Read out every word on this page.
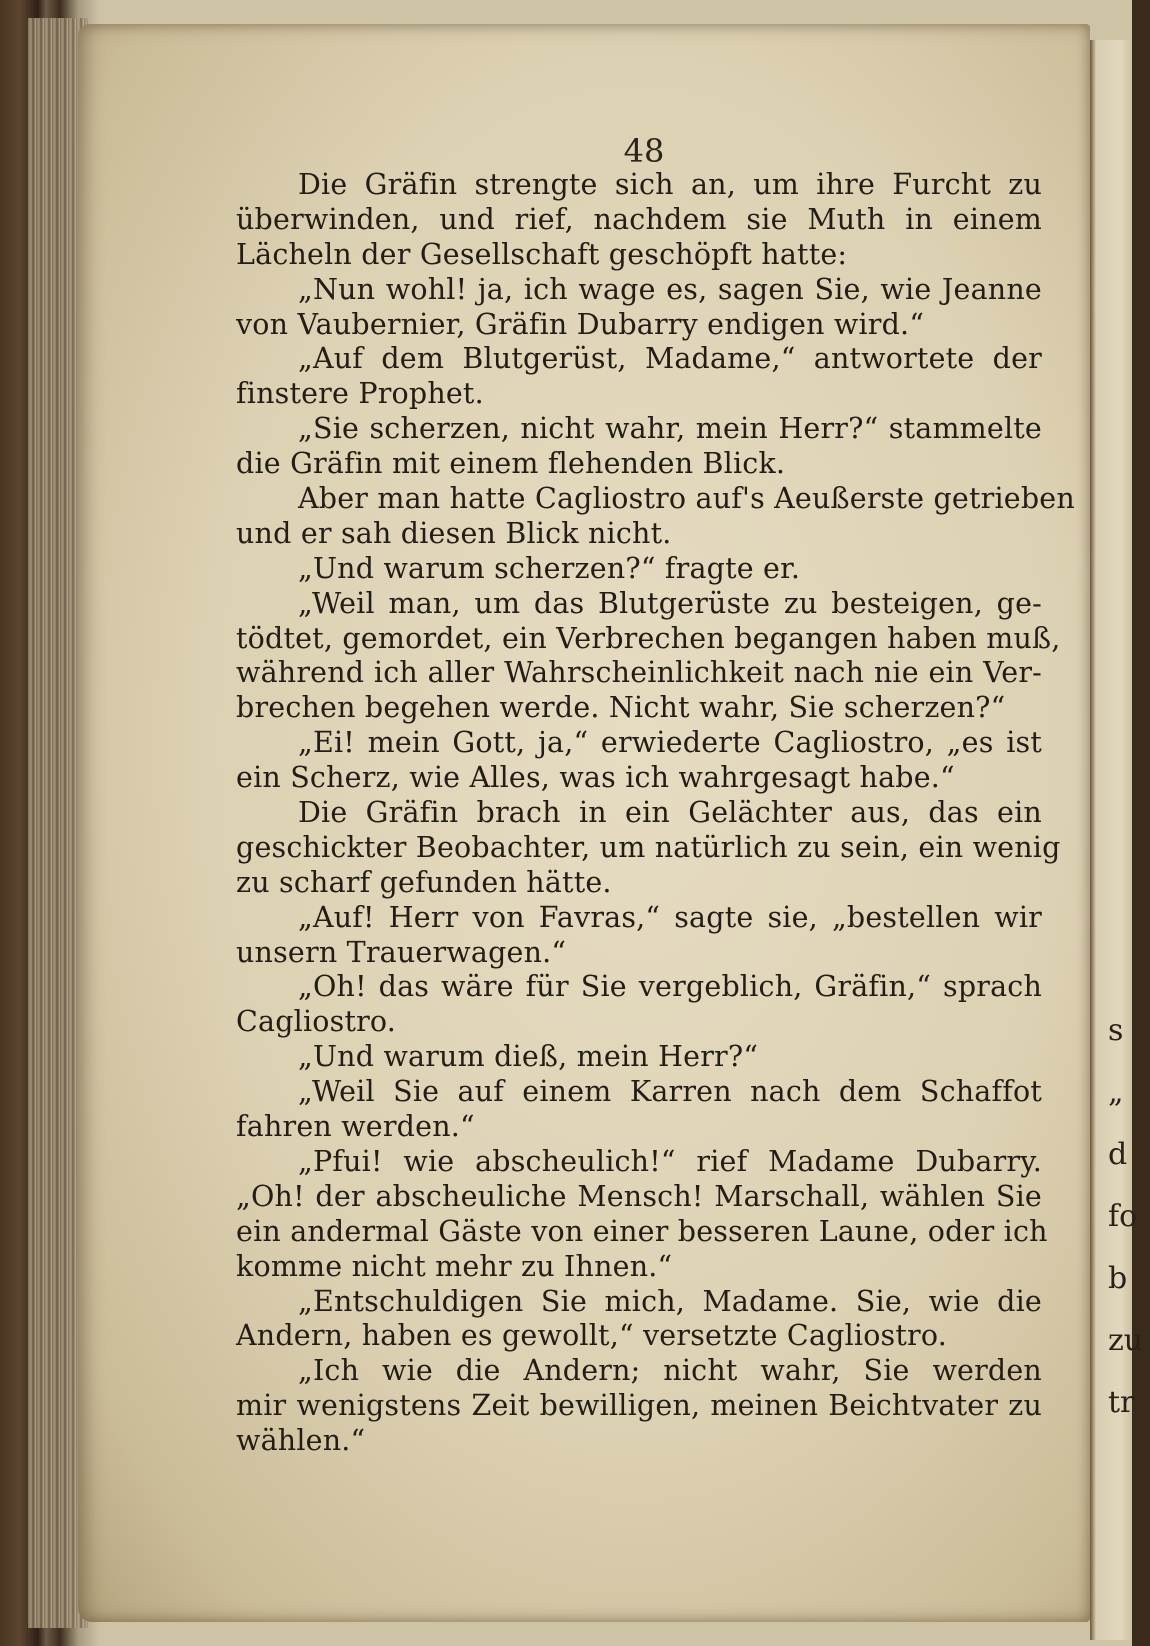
s
„
d
fo
b
zu
tr
48
Die Gräfin strengte sich an, um ihre Furcht zu
überwinden, und rief, nachdem sie Muth in einem
Lächeln der Gesellschaft geschöpft hatte:
„Nun wohl! ja, ich wage es, sagen Sie, wie Jeanne
von Vaubernier, Gräfin Dubarry endigen wird.“
„Auf dem Blutgerüst, Madame,“ antwortete der
finstere Prophet.
„Sie scherzen, nicht wahr, mein Herr?“ stammelte
die Gräfin mit einem flehenden Blick.
Aber man hatte Cagliostro auf's Aeußerste getrieben
und er sah diesen Blick nicht.
„Und warum scherzen?“ fragte er.
„Weil man, um das Blutgerüste zu besteigen, ge-
tödtet, gemordet, ein Verbrechen begangen haben muß,
während ich aller Wahrscheinlichkeit nach nie ein Ver-
brechen begehen werde. Nicht wahr, Sie scherzen?“
„Ei! mein Gott, ja,“ erwiederte Cagliostro, „es ist
ein Scherz, wie Alles, was ich wahrgesagt habe.“
Die Gräfin brach in ein Gelächter aus, das ein
geschickter Beobachter, um natürlich zu sein, ein wenig
zu scharf gefunden hätte.
„Auf! Herr von Favras,“ sagte sie, „bestellen wir
unsern Trauerwagen.“
„Oh! das wäre für Sie vergeblich, Gräfin,“ sprach
Cagliostro.
„Und warum dieß, mein Herr?“
„Weil Sie auf einem Karren nach dem Schaffot
fahren werden.“
„Pfui! wie abscheulich!“ rief Madame Dubarry.
„Oh! der abscheuliche Mensch! Marschall, wählen Sie
ein andermal Gäste von einer besseren Laune, oder ich
komme nicht mehr zu Ihnen.“
„Entschuldigen Sie mich, Madame. Sie, wie die
Andern, haben es gewollt,“ versetzte Cagliostro.
„Ich wie die Andern; nicht wahr, Sie werden
mir wenigstens Zeit bewilligen, meinen Beichtvater zu
wählen.“
